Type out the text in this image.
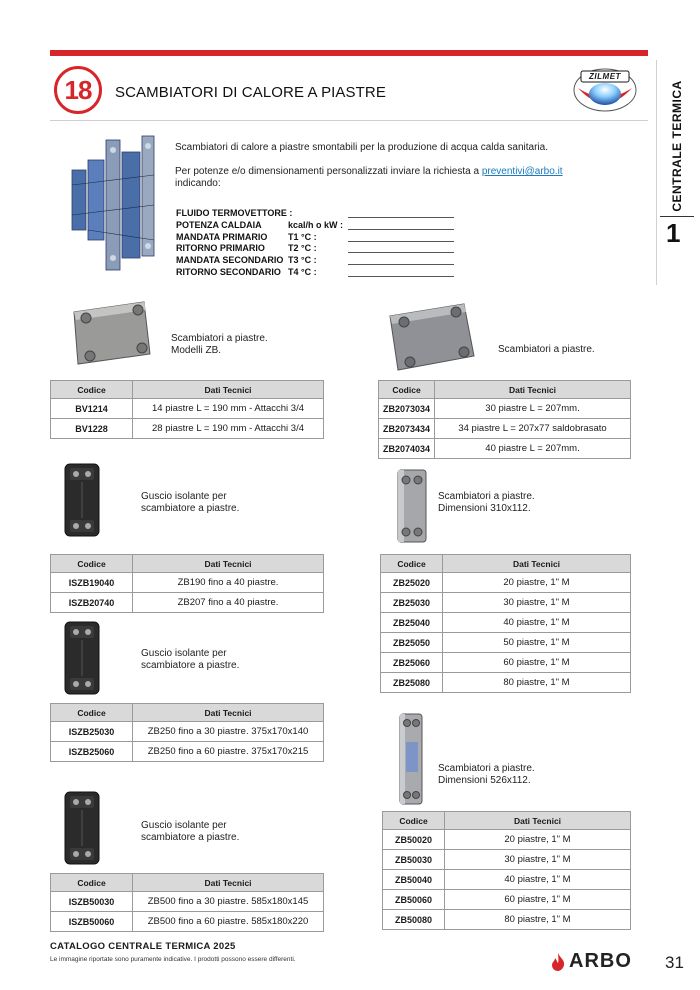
18	SCAMBIATORI DI CALORE A PIASTRE
ZILMET
CENTRALE TERMICA
1
Scambiatori di calore a piastre smontabili per la produzione di acqua calda sanitaria.
Per potenze e/o dimensionamenti personalizzati inviare la richiesta a preventivi@arbo.it
indicando:
FLUIDO TERMOVETTORE :
POTENZA CALDAIA	kcal/h o kW :
MANDATA PRIMARIO T1 °C :
RITORNO PRIMARIO	T2 °C :
MANDATA SECONDARIO T3 °C :
RITORNO SECONDARIO T4 °C :
Scambiatori a piastre.
Modelli ZB.
Codice	Dati Tecnici
BV1214	14 piastre L = 190 mm - Attacchi 3/4
BV1228	28 piastre L = 190 mm - Attacchi 3/4
Guscio isolante per
scambiatore a piastre.
Codice	Dati Tecnici
ISZB19040	ZB190 fino a 40 piastre.
ISZB20740	ZB207 fino a 40 piastre.
Guscio isolante per
scambiatore a piastre.
Codice	Dati Tecnici
ISZB25030	ZB250 fino a 30 piastre. 375x170x140
ISZB25060	ZB250 fino a 60 piastre. 375x170x215
Guscio isolante per
scambiatore a piastre.
Codice	Dati Tecnici
ISZB50030	ZB500 fino a 30 piastre. 585x180x145
ISZB50060	ZB500 fino a 60 piastre. 585x180x220
Scambiatori a piastre.
Codice	Dati Tecnici
ZB2073034	30 piastre L = 207mm.
ZB2073434	34 piastre L = 207x77 saldobrasato
ZB2074034	40 piastre L = 207mm.
Scambiatori a piastre.
Dimensioni 310x112.
Codice	Dati Tecnici
ZB25020	20 piastre, 1" M
ZB25030	30 piastre, 1" M
ZB25040	40 piastre, 1" M
ZB25050	50 piastre, 1" M
ZB25060	60 piastre, 1" M
ZB25080	80 piastre, 1" M
Scambiatori a piastre.
Dimensioni 526x112.
Codice	Dati Tecnici
ZB50020	20 piastre, 1" M
ZB50030	30 piastre, 1" M
ZB50040	40 piastre, 1" M
ZB50060	60 piastre, 1" M
ZB50080	80 piastre, 1" M
CATALOGO CENTRALE TERMICA 2025
Le immagine riportate sono puramente indicative. I prodotti possono essere differenti.	ARBO 31
